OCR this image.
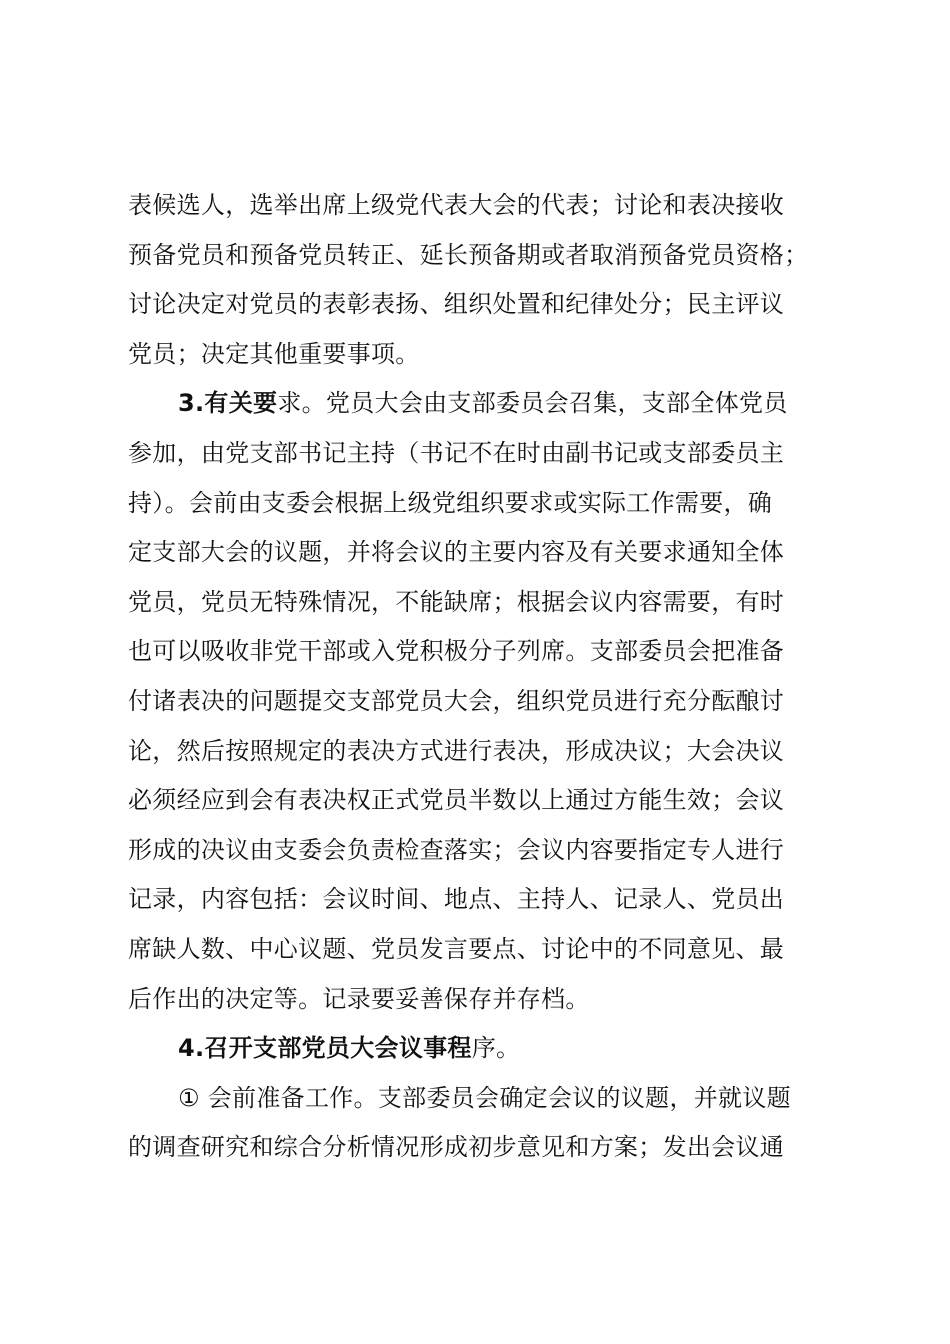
表候选人，选举出席上级党代表大会的代表；讨论和表决接收
预备党员和预备党员转正、延长预备期或者取消预备党员资格；
讨论决定对党员的表彰表扬、组织处置和纪律处分；民主评议
党员；决定其他重要事项。
3.有关要求。党员大会由支部委员会召集，支部全体党员
参加，由党支部书记主持（书记不在时由副书记或支部委员主
持）。会前由支委会根据上级党组织要求或实际工作需要，确
定支部大会的议题，并将会议的主要内容及有关要求通知全体
党员，党员无特殊情况，不能缺席；根据会议内容需要，有时
也可以吸收非党干部或入党积极分子列席。支部委员会把准备
付诸表决的问题提交支部党员大会，组织党员进行充分酝酿讨
论，然后按照规定的表决方式进行表决，形成决议；大会决议
必须经应到会有表决权正式党员半数以上通过方能生效；会议
形成的决议由支委会负责检查落实；会议内容要指定专人进行
记录，内容包括：会议时间、地点、主持人、记录人、党员出
席缺人数、中心议题、党员发言要点、讨论中的不同意见、最
后作出的决定等。记录要妥善保存并存档。
4.召开支部党员大会议事程序。
① 会前准备工作。支部委员会确定会议的议题，并就议题
的调查研究和综合分析情况形成初步意见和方案；发出会议通
